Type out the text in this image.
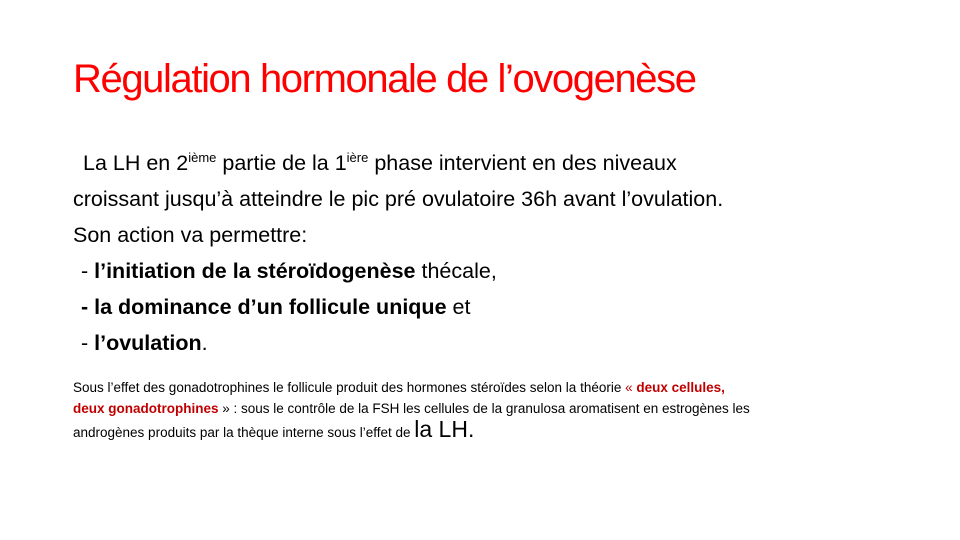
Régulation hormonale de l’ovogenèse

La LH en 2ième partie de la $1^{ière}$ phase intervient en des niveaux

croissant jusqu’à atteindre le pic pré ovulatoire 36h avant l’ovulation.

Son action va permettre:

- l’initiation de la stéroïdogenèse thécale,

- la dominance d’un follicule unique et

- l’ovulation.

Sous l’effet des gonadotrophines le follicule produit des hormones stéroïdes selon la théorie « deux cellules,

deux gonadotrophines » : sous le contrôle de la FSH les cellules de la granulosa aromatisent en estrogènes les

androgènes produits par la thèque interne sous l’effet de la LH.
